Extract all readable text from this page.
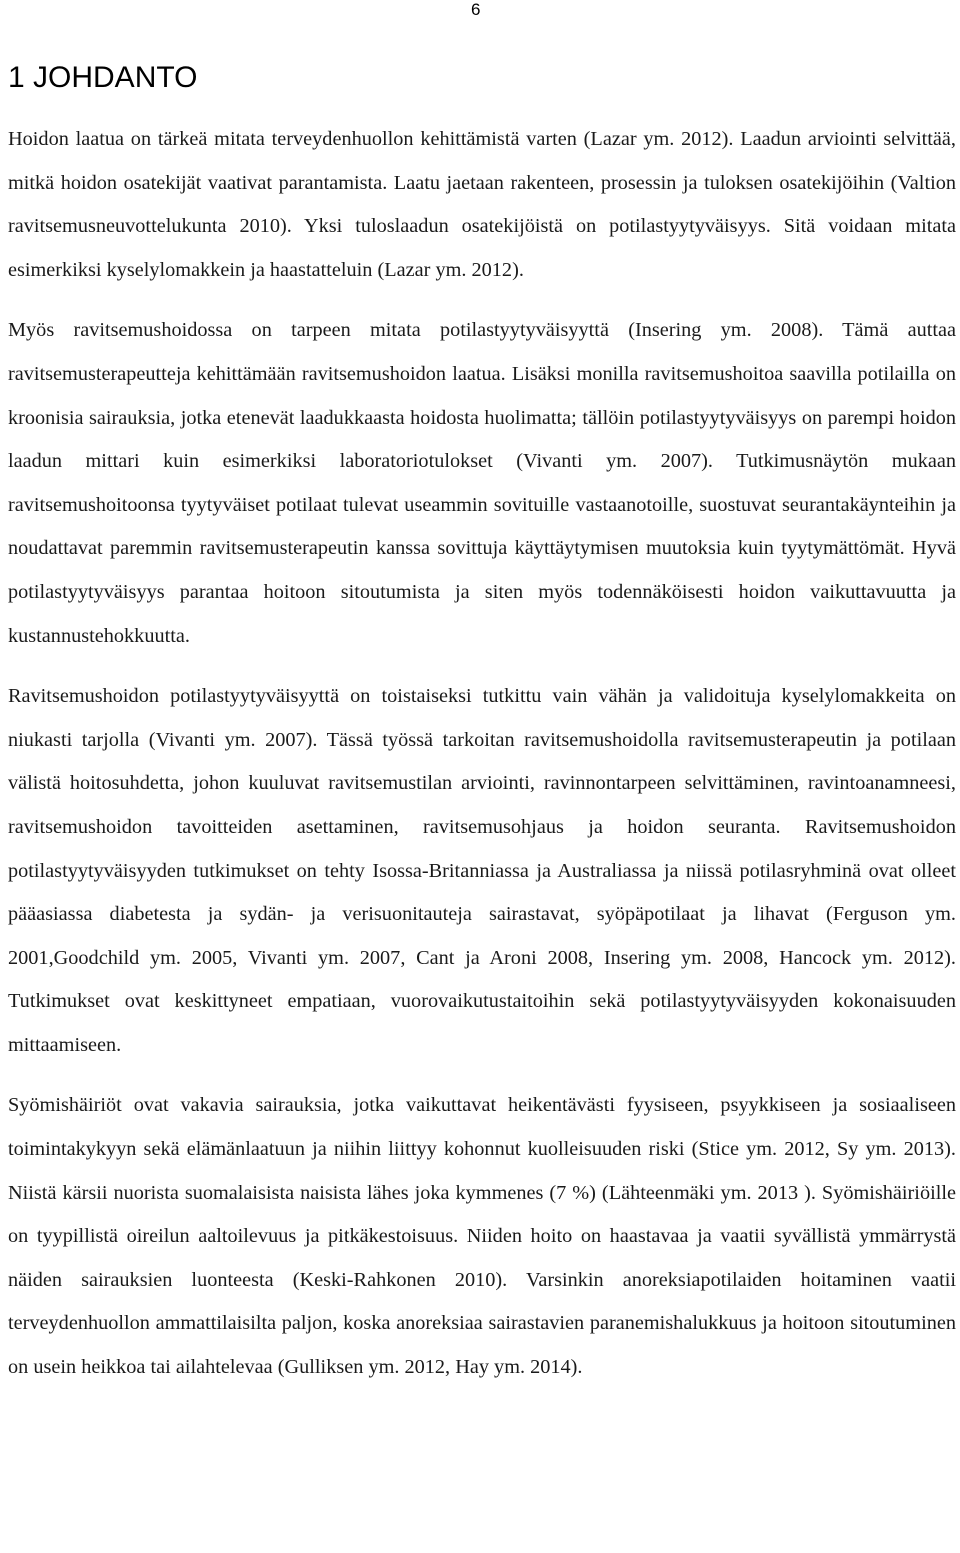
6
1 JOHDANTO

Hoidon laatua on tärkeä mitata terveydenhuollon kehittämistä varten (Lazar ym. 2012). Laadun arviointi selvittää, mitkä hoidon osatekijät vaativat parantamista. Laatu jaetaan rakenteen, prosessin ja tuloksen osatekijöihin (Valtion ravitsemusneuvottelukunta 2010). Yksi tuloslaadun osatekijöistä on potilastyytyväisyys. Sitä voidaan mitata esimerkiksi kyselylomakkein ja haastatteluin (Lazar ym. 2012).

Myös ravitsemushoidossa on tarpeen mitata potilastyytyväisyyttä (Insering ym. 2008). Tämä auttaa ravitsemusterapeutteja kehittämään ravitsemushoidon laatua. Lisäksi monilla ravitsemushoitoa saavilla potilailla on kroonisia sairauksia, jotka etenevät laadukkaasta hoidosta huolimatta; tällöin potilastyytyväisyys on parempi hoidon laadun mittari kuin esimerkiksi laboratoriotulokset (Vivanti ym. 2007). Tutkimusnäytön mukaan ravitsemushoitoonsa tyytyväiset potilaat tulevat useammin sovituille vastaanotoille, suostuvat seurantakäynteihin ja noudattavat paremmin ravitsemusterapeutin kanssa sovittuja käyttäytymisen muutoksia kuin tyytymättömät. Hyvä potilastyytyväisyys parantaa hoitoon sitoutumista ja siten myös todennäköisesti hoidon vaikuttavuutta ja kustannustehokkuutta.

Ravitsemushoidon potilastyytyväisyyttä on toistaiseksi tutkittu vain vähän ja validoituja kyselylomakkeita on niukasti tarjolla (Vivanti ym. 2007). Tässä työssä tarkoitan ravitsemushoidolla ravitsemusterapeutin ja potilaan välistä hoitosuhdetta, johon kuuluvat ravitsemustilan arviointi, ravinnontarpeen selvittäminen, ravintoanamneesi, ravitsemushoidon tavoitteiden asettaminen, ravitsemusohjaus ja hoidon seuranta. Ravitsemushoidon potilastyytyväisyyden tutkimukset on tehty Isossa-Britanniassa ja Australiassa ja niissä potilasryhminä ovat olleet pääasiassa diabetesta ja sydän- ja verisuonitauteja sairastavat, syöpäpotilaat ja lihavat (Ferguson ym. 2001,Goodchild ym. 2005, Vivanti ym. 2007, Cant ja Aroni 2008, Insering ym. 2008, Hancock ym. 2012). Tutkimukset ovat keskittyneet empatiaan, vuorovaikutustaitoihin sekä potilastyytyväisyyden kokonaisuuden mittaamiseen.

Syömishäiriöt ovat vakavia sairauksia, jotka vaikuttavat heikentävästi fyysiseen, psyykkiseen ja sosiaaliseen toimintakykyyn sekä elämänlaatuun ja niihin liittyy kohonnut kuolleisuuden riski (Stice ym. 2012, Sy ym. 2013). Niistä kärsii nuorista suomalaisista naisista lähes joka kymmenes (7 %) (Lähteenmäki ym. 2013 ). Syömishäiriöille on tyypillistä oireilun aaltoilevuus ja pitkäkestoisuus. Niiden hoito on haastavaa ja vaatii syvällistä ymmärrystä näiden sairauksien luonteesta (Keski-Rahkonen 2010). Varsinkin anoreksiapotilaiden hoitaminen vaatii terveydenhuollon ammattilaisilta paljon, koska anoreksiaa sairastavien paranemishalukkuus ja hoitoon sitoutuminen on usein heikkoa tai ailahtelevaa (Gulliksen ym. 2012, Hay ym. 2014).
